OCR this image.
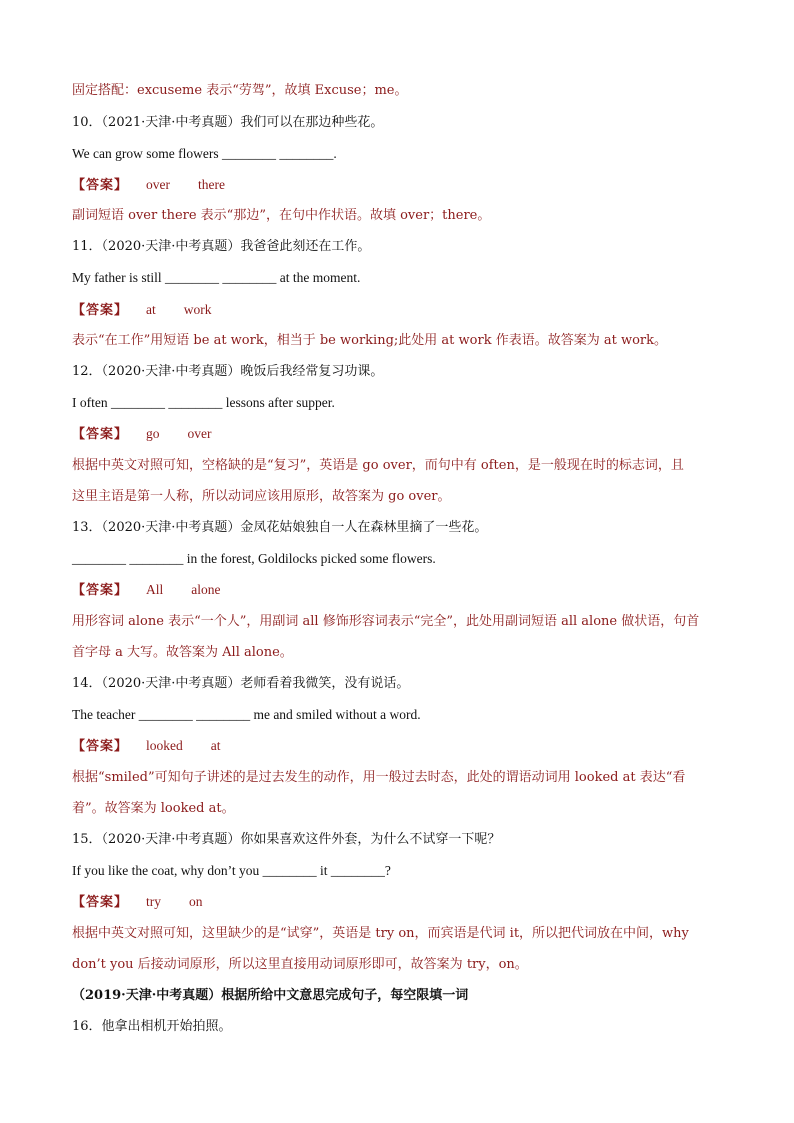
固定搭配：excuseme 表示“劳驾”，故填 Excuse；me。
10．（2021·天津·中考真题）我们可以在那边种些花。
We can grow some flowers ________ ________.
【答案】 over there
副词短语 over there 表示“那边”，在句中作状语。故填 over；there。
11．（2020·天津·中考真题）我爸爸此刻还在工作。
My father is still ________ ________ at the moment.
【答案】 at work
表示“在工作”用短语 be at work，相当于 be working;此处用 at work 作表语。故答案为 at work。
12．（2020·天津·中考真题）晚饭后我经常复习功课。
I often ________ ________ lessons after supper.
【答案】 go over
根据中英文对照可知，空格缺的是“复习”，英语是 go over，而句中有 often，是一般现在时的标志词，且
这里主语是第一人称，所以动词应该用原形，故答案为 go over。
13．（2020·天津·中考真题）金凤花姑娘独自一人在森林里摘了一些花。
________ ________ in the forest, Goldilocks picked some flowers.
【答案】 All alone
用形容词 alone 表示“一个人”，用副词 all 修饰形容词表示“完全”，此处用副词短语 all alone 做状语，句首
首字母 a 大写。故答案为 All alone。
14．（2020·天津·中考真题）老师看着我微笑，没有说话。
The teacher ________ ________ me and smiled without a word.
【答案】 looked at
根据“smiled”可知句子讲述的是过去发生的动作，用一般过去时态，此处的谓语动词用 looked at 表达“看
着”。故答案为 looked at。
15．（2020·天津·中考真题）你如果喜欢这件外套，为什么不试穿一下呢？
If you like the coat, why don’t you ________ it ________?
【答案】 try on
根据中英文对照可知，这里缺少的是“试穿”，英语是 try on，而宾语是代词 it，所以把代词放在中间，why
don’t you 后接动词原形，所以这里直接用动词原形即可，故答案为 try，on。
（2019·天津·中考真题）根据所给中文意思完成句子，每空限填一词
16．他拿出相机开始拍照。
